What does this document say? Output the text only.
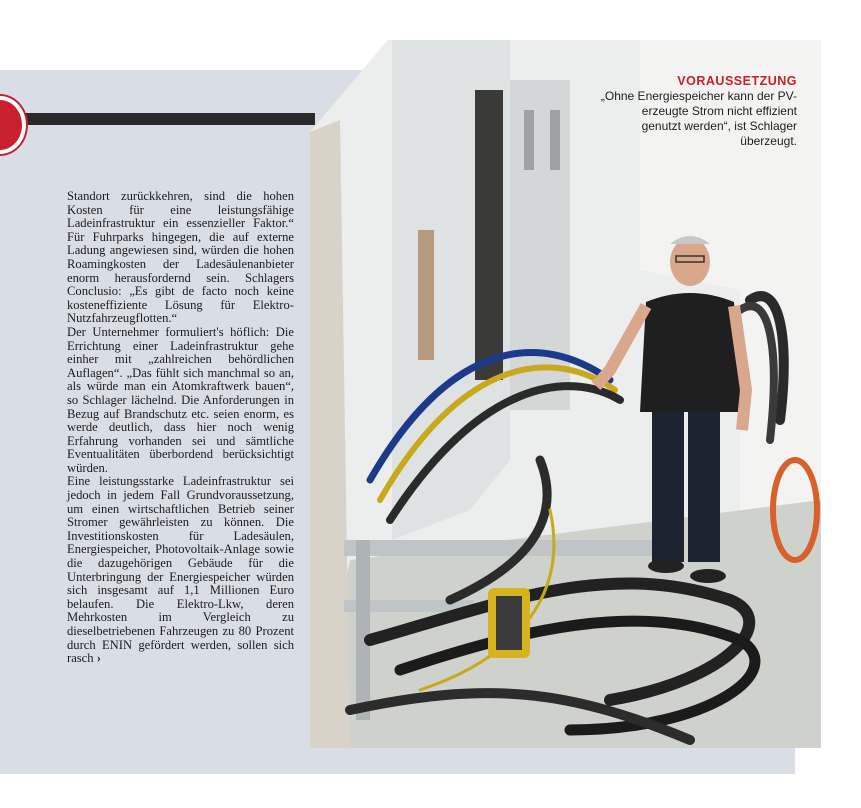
Standort zurückkehren, sind die hohen Kosten für eine leistungsfähige Ladeinfrastruktur ein essenzieller Faktor.“ Für Fuhrparks hingegen, die auf externe Ladung angewiesen sind, würden die hohen Roamingkosten der Ladesäulenanbieter enorm herausfordernd sein. Schlagers Conclusio: „Es gibt de facto noch keine kosteneffiziente Lösung für Elektro-Nutzfahrzeugflotten.“

Der Unternehmer formuliert's höflich: Die Errichtung einer Ladeinfrastruktur gehe einher mit „zahlreichen behördlichen Auflagen“. „Das fühlt sich manchmal so an, als würde man ein Atomkraftwerk bauen“, so Schlager lächelnd. Die Anforderungen in Bezug auf Brandschutz etc. seien enorm, es werde deutlich, dass hier noch wenig Erfahrung vorhanden sei und sämtliche Eventualitäten überbordend berücksichtigt würden.

Eine leistungsstarke Ladeinfrastruktur sei jedoch in jedem Fall Grundvoraussetzung, um einen wirtschaftlichen Betrieb seiner Stromer gewährleisten zu können. Die Investitionskosten für Ladesäulen, Energiespeicher, Photovoltaik-Anlage sowie die dazugehörigen Gebäude für die Unterbringung der Energiespeicher würden sich insgesamt auf 1,1 Millionen Euro belaufen. Die Elektro-Lkw, deren Mehrkosten im Vergleich zu dieselbetriebenen Fahrzeugen zu 80 Prozent durch ENIN gefördert werden, sollen sich rasch ›

VORAUSSETZUNG
„Ohne Energiespeicher kann der PV-erzeugte Strom nicht effizient genutzt werden“, ist Schlager überzeugt.
